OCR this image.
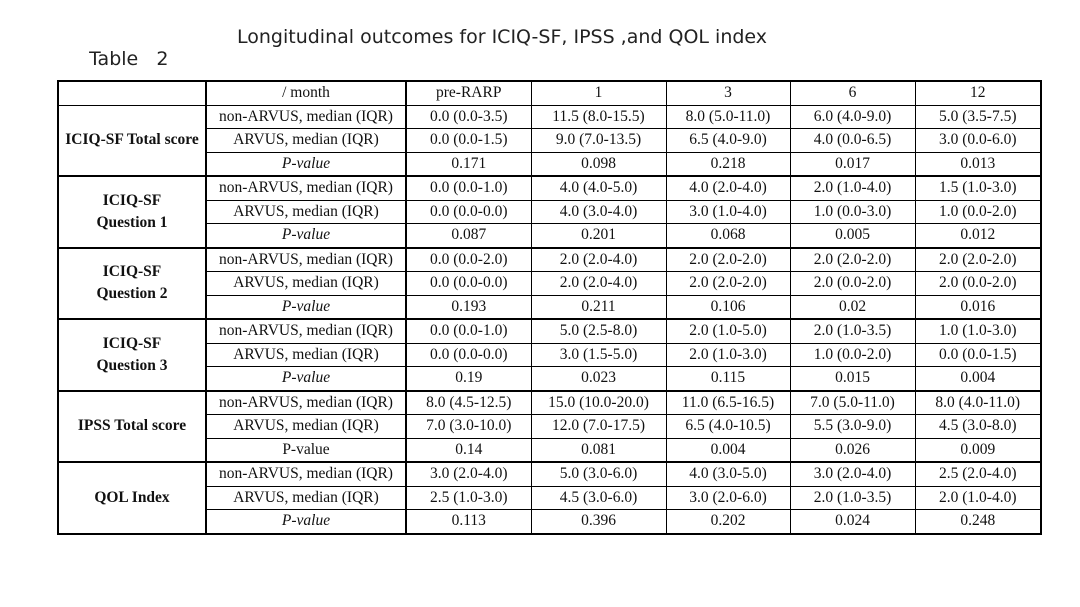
Table 2

Longitudinal outcomes for ICIQ-SF, IPSS ,and QOL index

	/ month	pre-RARP	1	3	6	12
ICIQ-SF Total score	non-ARVUS, median (IQR)	0.0 (0.0-3.5)	11.5 (8.0-15.5)	8.0 (5.0-11.0)	6.0 (4.0-9.0)	5.0 (3.5-7.5)
	ARVUS, median (IQR)	0.0 (0.0-1.5)	9.0 (7.0-13.5)	6.5 (4.0-9.0)	4.0 (0.0-6.5)	3.0 (0.0-6.0)
	P-value	0.171	0.098	0.218	0.017	0.013

ICIQ-SF Question 1	non-ARVUS, median (IQR)	0.0 (0.0-1.0)	4.0 (4.0-5.0)	4.0 (2.0-4.0)	2.0 (1.0-4.0)	1.5 (1.0-3.0)
	ARVUS, median (IQR)	0.0 (0.0-0.0)	4.0 (3.0-4.0)	3.0 (1.0-4.0)	1.0 (0.0-3.0)	1.0 (0.0-2.0)
	P-value	0.087	0.201	0.068	0.005	0.012

ICIQ-SF Question 2	non-ARVUS, median (IQR)	0.0 (0.0-2.0)	2.0 (2.0-4.0)	2.0 (2.0-2.0)	2.0 (2.0-2.0)	2.0 (2.0-2.0)
	ARVUS, median (IQR)	0.0 (0.0-0.0)	2.0 (2.0-4.0)	2.0 (2.0-2.0)	2.0 (0.0-2.0)	2.0 (0.0-2.0)
	P-value	0.193	0.211	0.106	0.02	0.016

ICIQ-SF Question 3	non-ARVUS, median (IQR)	0.0 (0.0-1.0)	5.0 (2.5-8.0)	2.0 (1.0-5.0)	2.0 (1.0-3.5)	1.0 (1.0-3.0)
	ARVUS, median (IQR)	0.0 (0.0-0.0)	3.0 (1.5-5.0)	2.0 (1.0-3.0)	1.0 (0.0-2.0)	0.0 (0.0-1.5)
	P-value	0.19	0.023	0.115	0.015	0.004
IPSS Total score	non-ARVUS, median (IQR)	8.0 (4.5-12.5)	15.0 (10.0-20.0)	11.0 (6.5-16.5)	7.0 (5.0-11.0)	8.0 (4.0-11.0)
	ARVUS, median (IQR)	7.0 (3.0-10.0)	12.0 (7.0-17.5)	6.5 (4.0-10.5)	5.5 (3.0-9.0)	4.5 (3.0-8.0)
	P-value	0.14	0.081	0.004	0.026	0.009
QOL Index	non-ARVUS, median (IQR)	3.0 (2.0-4.0)	5.0 (3.0-6.0)	4.0 (3.0-5.0)	3.0 (2.0-4.0)	2.5 (2.0-4.0)
	ARVUS, median (IQR)	2.5 (1.0-3.0)	4.5 (3.0-6.0)	3.0 (2.0-6.0)	2.0 (1.0-3.5)	2.0 (1.0-4.0)
	P-value	0.113	0.396	0.202	0.024	0.248
